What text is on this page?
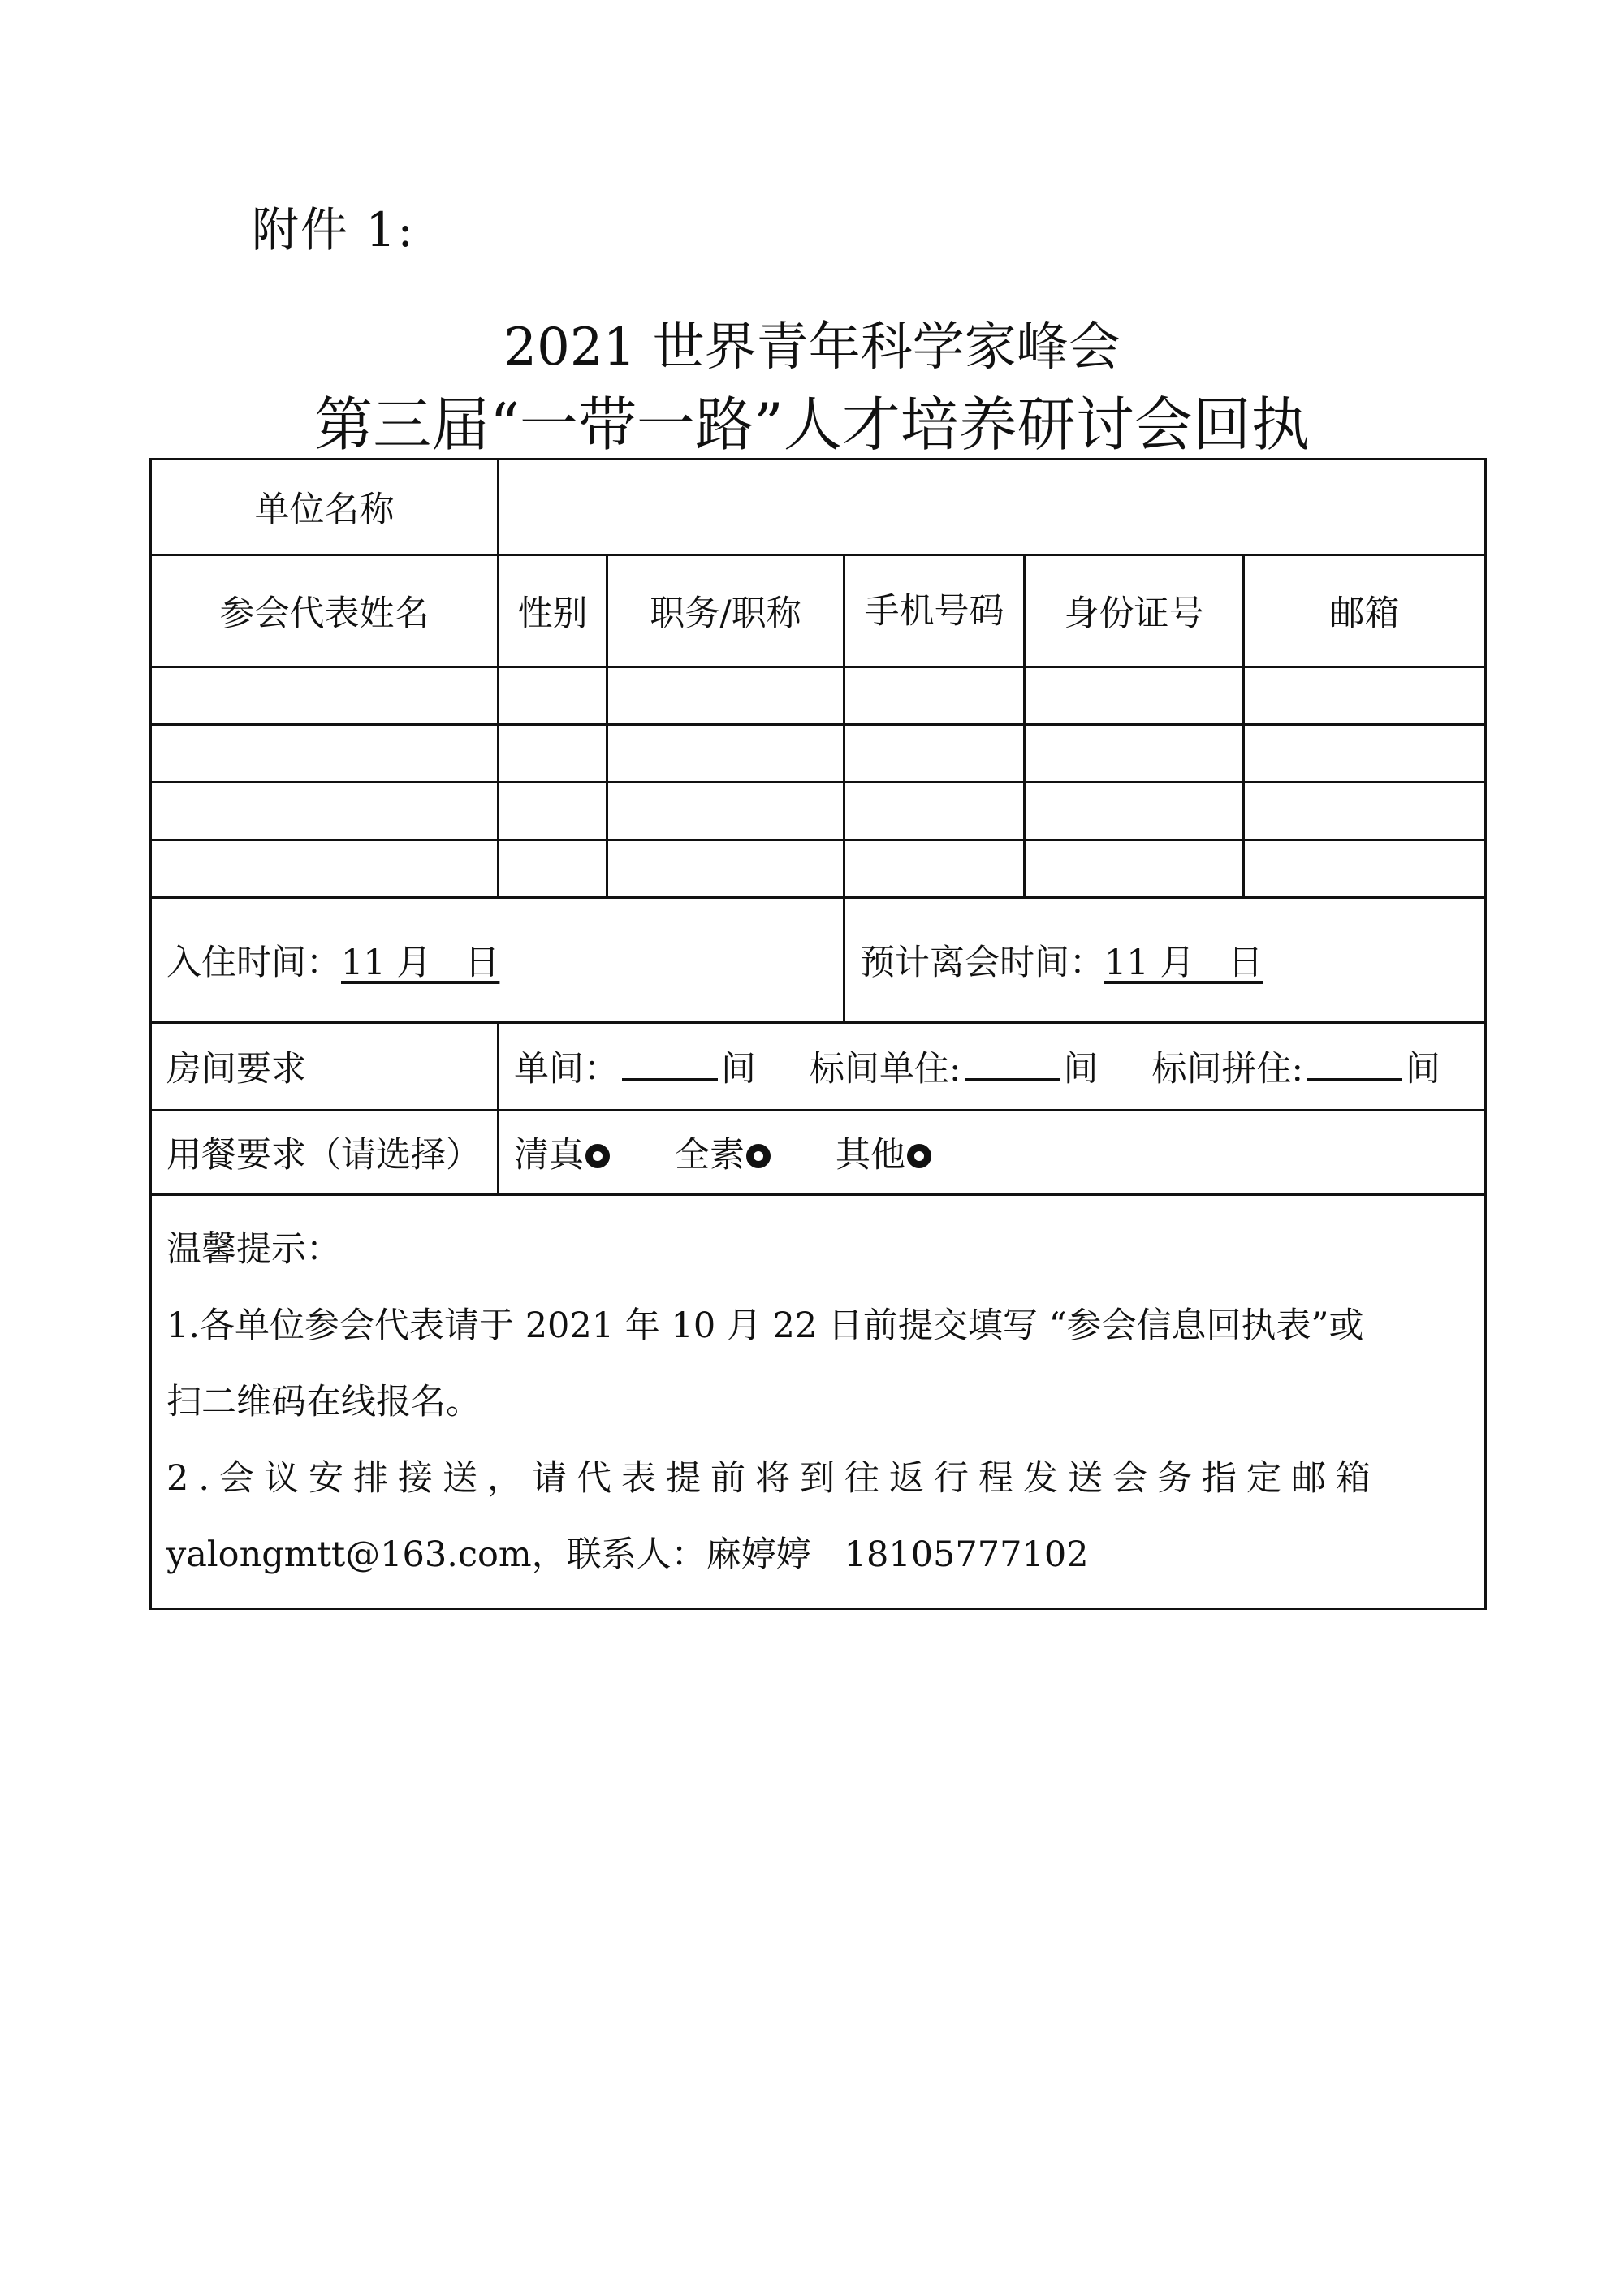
附件 1:
2021 世界青年科学家峰会
第三届“一带一路”人才培养研讨会回执
单位名称					
参会代表姓名	性别	职务/职称	手机号码	身份证号	邮箱

入住时间：11 月   日			预计离会时间：11 月   日		
房间要求	单间： 间 标间单住: 间 标间拼住: 间				
用餐要求（请选择）	清真 全素 其他				

温馨提示：
1.各单位参会代表请于 2021 年 10 月 22 日前提交填写 “参会信息回执表”或
扫二维码在线报名。
2.会议安排接送，请代表提前将到往返行程发送会务指定邮箱
yalongmtt@163.com，联系人：麻婷婷   18105777102					
